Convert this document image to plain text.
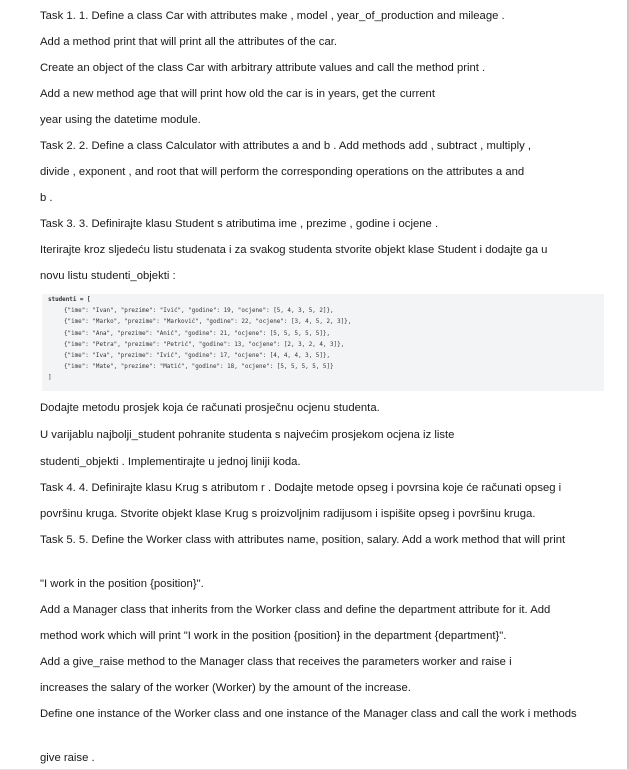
Task 1. 1. Define a class Car with attributes make , model , year_of_production and mileage .
Add a method print that will print all the attributes of the car.
Create an object of the class Car with arbitrary attribute values and call the method print .
Add a new method age that will print how old the car is in years, get the current
year using the datetime module.
Task 2. 2. Define a class Calculator with attributes a and b . Add methods add , subtract , multiply ,
divide , exponent , and root that will perform the corresponding operations on the attributes a and
b .
Task 3. 3. Definirajte klasu Student s atributima ime , prezime , godine i ocjene .
Iterirajte kroz sljedeću listu studenata i za svakog studenta stvorite objekt klase Student i dodajte ga u
novu listu studenti_objekti :
studenti = [
{"ime": "Ivan", "prezime": "Ivić", "godine": 19, "ocjene": [5, 4, 3, 5, 2]},
{"ime": "Marko", "prezime": "Marković", "godine": 22, "ocjene": [3, 4, 5, 2, 3]},
{"ime": "Ana", "prezime": "Anić", "godine": 21, "ocjene": [5, 5, 5, 5, 5]},
{"ime": "Petra", "prezime": "Petrić", "godine": 13, "ocjene": [2, 3, 2, 4, 3]},
{"ime": "Iva", "prezime": "Ivić", "godine": 17, "ocjene": [4, 4, 4, 3, 5]},
{"ime": "Mate", "prezime": "Matić", "godine": 18, "ocjene": [5, 5, 5, 5, 5]}
]
Dodajte metodu prosjek koja će računati prosječnu ocjenu studenta.
U varijablu najbolji_student pohranite studenta s najvećim prosjekom ocjena iz liste
studenti_objekti . Implementirajte u jednoj liniji koda.
Task 4. 4. Definirajte klasu Krug s atributom r . Dodajte metode opseg i povrsina koje će računati opseg i
površinu kruga. Stvorite objekt klase Krug s proizvoljnim radijusom i ispišite opseg i površinu kruga.
Task 5. 5. Define the Worker class with attributes name, position, salary. Add a work method that will print
"I work in the position {position}".
Add a Manager class that inherits from the Worker class and define the department attribute for it. Add
method work which will print "I work in the position {position} in the department {department}".
Add a give_raise method to the Manager class that receives the parameters worker and raise i
increases the salary of the worker (Worker) by the amount of the increase.
Define one instance of the Worker class and one instance of the Manager class and call the work i methods
give raise .
